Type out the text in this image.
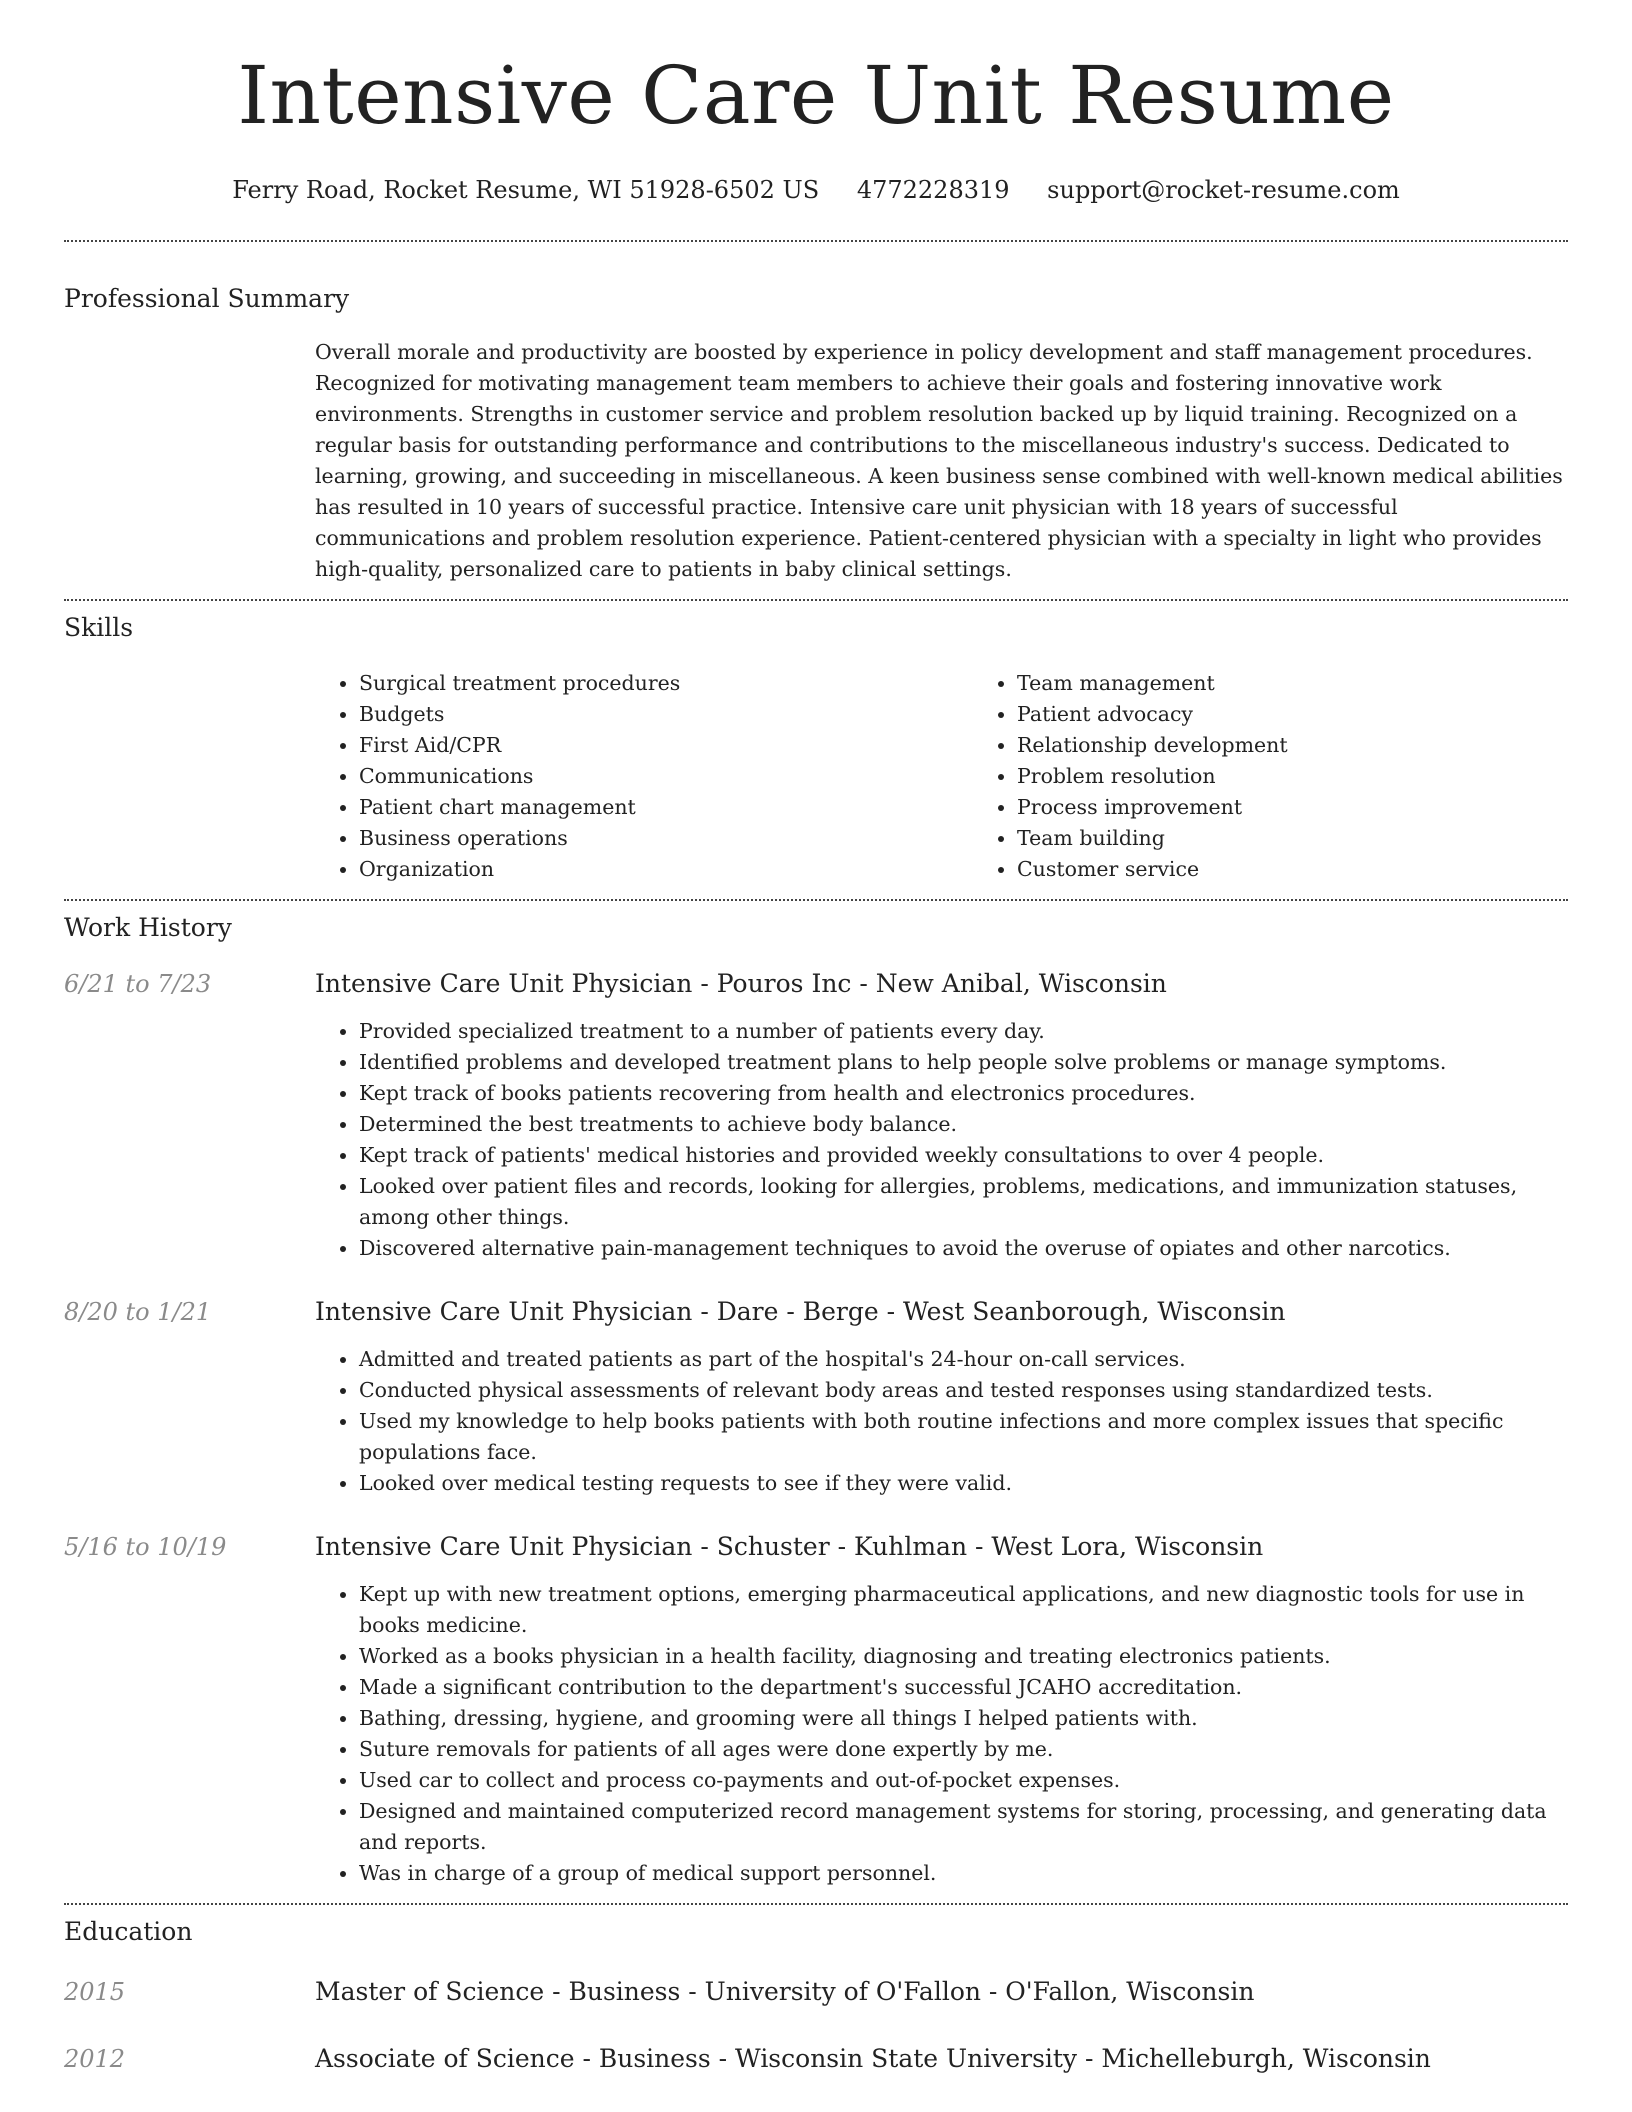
Intensive Care Unit Resume
Ferry Road, Rocket Resume, WI 51928-6502 US 4772228319 support@rocket-resume.com
Professional Summary
Overall morale and productivity are boosted by experience in policy development and staff management procedures. Recognized for motivating management team members to achieve their goals and fostering innovative work environments. Strengths in customer service and problem resolution backed up by liquid training. Recognized on a regular basis for outstanding performance and contributions to the miscellaneous industry's success. Dedicated to learning, growing, and succeeding in miscellaneous. A keen business sense combined with well-known medical abilities has resulted in 10 years of successful practice. Intensive care unit physician with 18 years of successful communications and problem resolution experience. Patient-centered physician with a specialty in light who provides high-quality, personalized care to patients in baby clinical settings.
Skills
• Surgical treatment procedures
• Budgets
• First Aid/CPR
• Communications
• Patient chart management
• Business operations
• Organization
• Team management
• Patient advocacy
• Relationship development
• Problem resolution
• Process improvement
• Team building
• Customer service
Work History
6/21 to 7/23	Intensive Care Unit Physician - Pouros Inc - New Anibal, Wisconsin
• Provided specialized treatment to a number of patients every day.
• Identified problems and developed treatment plans to help people solve problems or manage symptoms.
• Kept track of books patients recovering from health and electronics procedures.
• Determined the best treatments to achieve body balance.
• Kept track of patients' medical histories and provided weekly consultations to over 4 people.
• Looked over patient files and records, looking for allergies, problems, medications, and immunization statuses, among other things.
• Discovered alternative pain-management techniques to avoid the overuse of opiates and other narcotics.
8/20 to 1/21	Intensive Care Unit Physician - Dare - Berge - West Seanborough, Wisconsin
• Admitted and treated patients as part of the hospital's 24-hour on-call services.
• Conducted physical assessments of relevant body areas and tested responses using standardized tests.
• Used my knowledge to help books patients with both routine infections and more complex issues that specific populations face.
• Looked over medical testing requests to see if they were valid.
5/16 to 10/19	Intensive Care Unit Physician - Schuster - Kuhlman - West Lora, Wisconsin
• Kept up with new treatment options, emerging pharmaceutical applications, and new diagnostic tools for use in books medicine.
• Worked as a books physician in a health facility, diagnosing and treating electronics patients.
• Made a significant contribution to the department's successful JCAHO accreditation.
• Bathing, dressing, hygiene, and grooming were all things I helped patients with.
• Suture removals for patients of all ages were done expertly by me.
• Used car to collect and process co-payments and out-of-pocket expenses.
• Designed and maintained computerized record management systems for storing, processing, and generating data and reports.
• Was in charge of a group of medical support personnel.
Education
2015	Master of Science - Business - University of O'Fallon - O'Fallon, Wisconsin
2012	Associate of Science - Business - Wisconsin State University - Michelleburgh, Wisconsin
